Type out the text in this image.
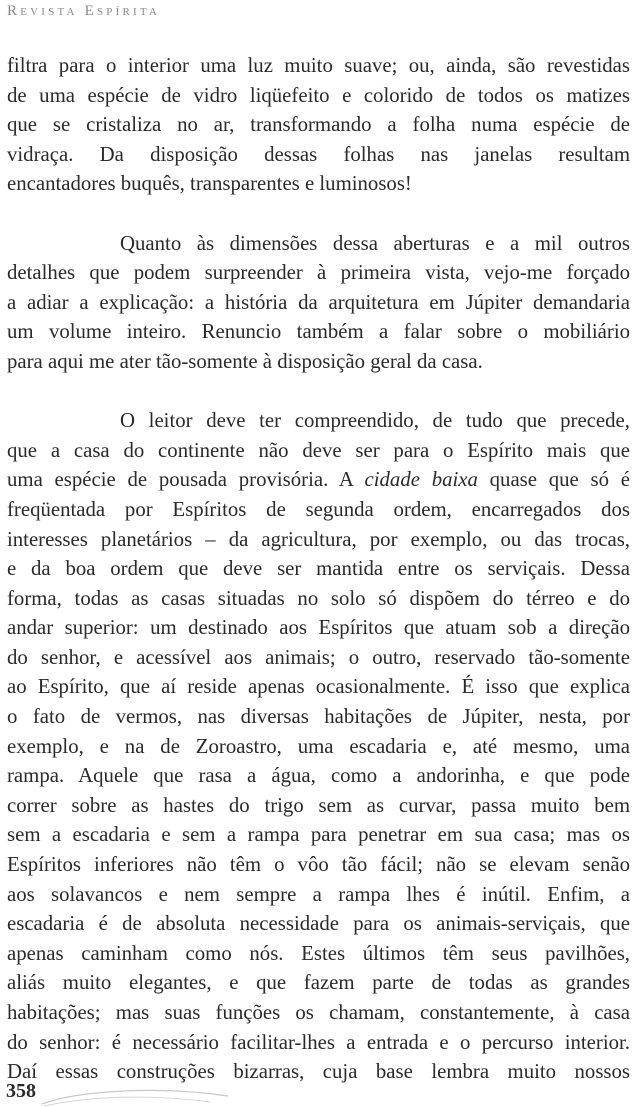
Revista Espírita
filtra para o interior uma luz muito suave; ou, ainda, são revestidas
de uma espécie de vidro liqüefeito e colorido de todos os matizes
que se cristaliza no ar, transformando a folha numa espécie de
vidraça. Da disposição dessas folhas nas janelas resultam
encantadores buquês, transparentes e luminosos!
Quanto às dimensões dessa aberturas e a mil outros
detalhes que podem surpreender à primeira vista, vejo-me forçado
a adiar a explicação: a história da arquitetura em Júpiter demandaria
um volume inteiro. Renuncio também a falar sobre o mobiliário
para aqui me ater tão-somente à disposição geral da casa.
O leitor deve ter compreendido, de tudo que precede,
que a casa do continente não deve ser para o Espírito mais que
uma espécie de pousada provisória. A cidade baixa quase que só é
freqüentada por Espíritos de segunda ordem, encarregados dos
interesses planetários – da agricultura, por exemplo, ou das trocas,
e da boa ordem que deve ser mantida entre os serviçais. Dessa
forma, todas as casas situadas no solo só dispõem do térreo e do
andar superior: um destinado aos Espíritos que atuam sob a direção
do senhor, e acessível aos animais; o outro, reservado tão-somente
ao Espírito, que aí reside apenas ocasionalmente. É isso que explica
o fato de vermos, nas diversas habitações de Júpiter, nesta, por
exemplo, e na de Zoroastro, uma escadaria e, até mesmo, uma
rampa. Aquele que rasa a água, como a andorinha, e que pode
correr sobre as hastes do trigo sem as curvar, passa muito bem
sem a escadaria e sem a rampa para penetrar em sua casa; mas os
Espíritos inferiores não têm o vôo tão fácil; não se elevam senão
aos solavancos e nem sempre a rampa lhes é inútil. Enfim, a
escadaria é de absoluta necessidade para os animais-serviçais, que
apenas caminham como nós. Estes últimos têm seus pavilhões,
aliás muito elegantes, e que fazem parte de todas as grandes
habitações; mas suas funções os chamam, constantemente, à casa
do senhor: é necessário facilitar-lhes a entrada e o percurso interior.
Daí essas construções bizarras, cuja base lembra muito nossos
358
